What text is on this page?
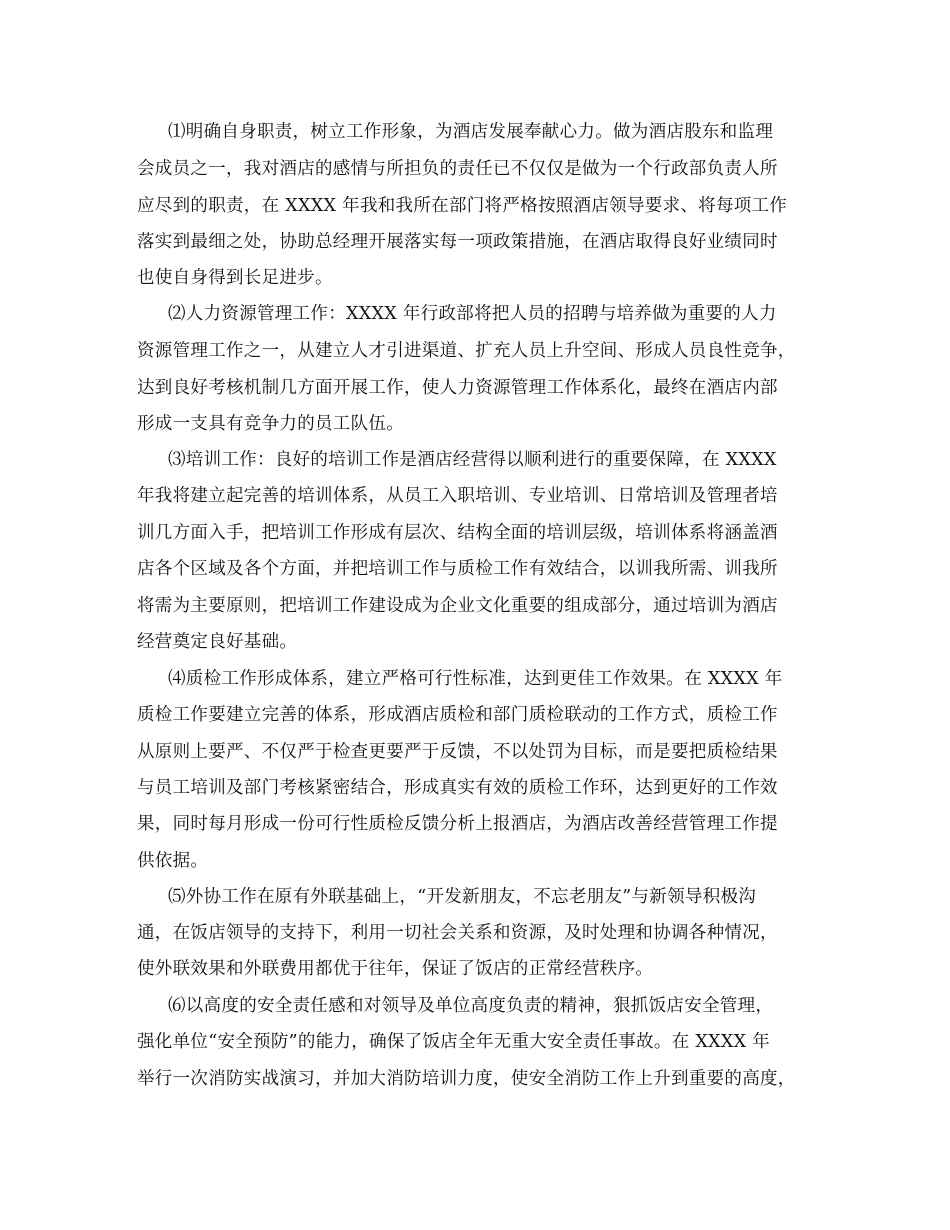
⑴明确自身职责，树立工作形象，为酒店发展奉献心力。做为酒店股东和监理
会成员之一，我对酒店的感情与所担负的责任已不仅仅是做为一个行政部负责人所
应尽到的职责，在 XXXX 年我和我所在部门将严格按照酒店领导要求、将每项工作
落实到最细之处，协助总经理开展落实每一项政策措施，在酒店取得良好业绩同时
也使自身得到长足进步。
⑵人力资源管理工作：XXXX 年行政部将把人员的招聘与培养做为重要的人力
资源管理工作之一，从建立人才引进渠道、扩充人员上升空间、形成人员良性竞争，
达到良好考核机制几方面开展工作，使人力资源管理工作体系化，最终在酒店内部
形成一支具有竞争力的员工队伍。
⑶培训工作：良好的培训工作是酒店经营得以顺利进行的重要保障，在 XXXX
年我将建立起完善的培训体系，从员工入职培训、专业培训、日常培训及管理者培
训几方面入手，把培训工作形成有层次、结构全面的培训层级，培训体系将涵盖酒
店各个区域及各个方面，并把培训工作与质检工作有效结合，以训我所需、训我所
将需为主要原则，把培训工作建设成为企业文化重要的组成部分，通过培训为酒店
经营奠定良好基础。
⑷质检工作形成体系，建立严格可行性标准，达到更佳工作效果。在 XXXX 年
质检工作要建立完善的体系，形成酒店质检和部门质检联动的工作方式，质检工作
从原则上要严、不仅严于检查更要严于反馈，不以处罚为目标，而是要把质检结果
与员工培训及部门考核紧密结合，形成真实有效的质检工作环，达到更好的工作效
果，同时每月形成一份可行性质检反馈分析上报酒店，为酒店改善经营管理工作提
供依据。
⑸外协工作在原有外联基础上，“开发新朋友，不忘老朋友”与新领导积极沟
通，在饭店领导的支持下，利用一切社会关系和资源，及时处理和协调各种情况，
使外联效果和外联费用都优于往年，保证了饭店的正常经营秩序。
⑹以高度的安全责任感和对领导及单位高度负责的精神，狠抓饭店安全管理，
强化单位“安全预防”的能力，确保了饭店全年无重大安全责任事故。在 XXXX 年
举行一次消防实战演习，并加大消防培训力度，使安全消防工作上升到重要的高度，
